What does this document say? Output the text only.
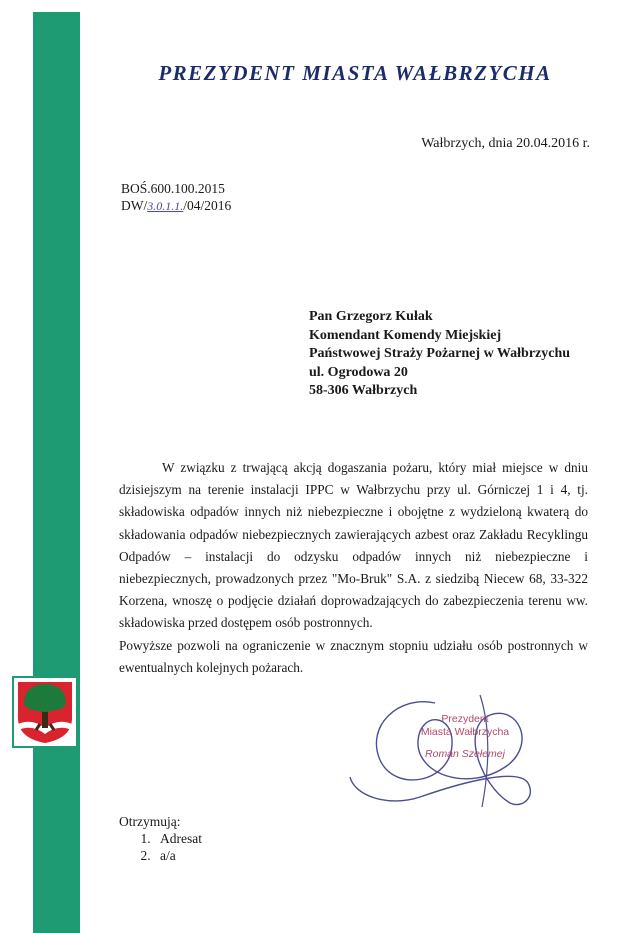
PREZYDENT MIASTA WAŁBRZYCHA
Wałbrzych, dnia 20.04.2016 r.
BOŚ.600.100.2015
DW/3.0.1.1./04/2016
Pan Grzegorz Kułak
Komendant Komendy Miejskiej
Państwowej Straży Pożarnej w Wałbrzychu
ul. Ogrodowa 20
58-306 Wałbrzych

W związku z trwającą akcją dogaszania pożaru, który miał miejsce w dniu dzisiejszym na terenie instalacji IPPC w Wałbrzychu przy ul. Górniczej 1 i 4, tj. składowiska odpadów innych niż niebezpieczne i obojętne z wydzieloną kwaterą do składowania odpadów niebezpiecznych zawierających azbest oraz Zakładu Recyklingu Odpadów – instalacji do odzysku odpadów innych niż niebezpieczne i niebezpiecznych, prowadzonych przez "Mo-Bruk" S.A. z siedzibą Niecew 68, 33-322 Korzena, wnoszę o podjęcie działań doprowadzających do zabezpieczenia terenu ww. składowiska przed dostępem osób postronnych.

Powyższe pozwoli na ograniczenie w znacznym stopniu udziału osób postronnych w ewentualnych kolejnych pożarach.

Prezydent
Miasta Wałbrzycha
Roman Szełemej
Otrzymują:
1. Adresat
2. a/a
